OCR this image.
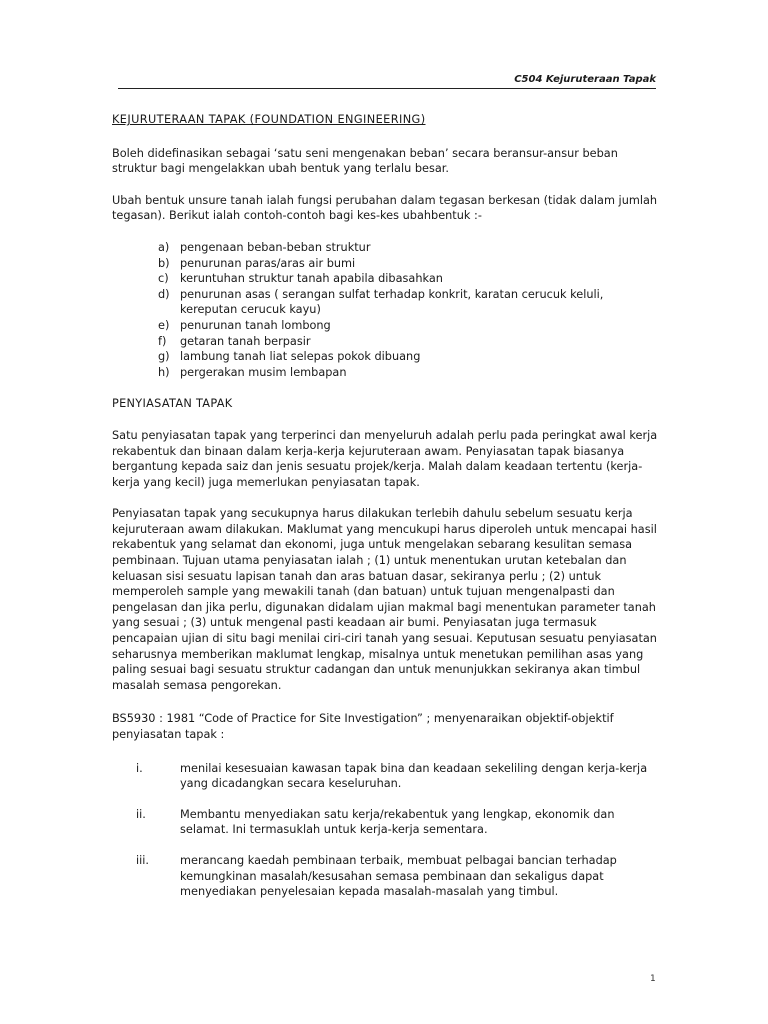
C504 Kejuruteraan Tapak

KEJURUTERAAN TAPAK (FOUNDATION ENGINEERING)

Boleh didefinasikan sebagai ‘satu seni mengenakan beban’ secara beransur-ansur beban struktur bagi mengelakkan ubah bentuk yang terlalu besar.

Ubah bentuk unsure tanah ialah fungsi perubahan dalam tegasan berkesan (tidak dalam jumlah tegasan). Berikut ialah contoh-contoh bagi kes-kes ubahbentuk :-

a) pengenaan beban-beban struktur
b) penurunan paras/aras air bumi
c) keruntuhan struktur tanah apabila dibasahkan
d) penurunan asas ( serangan sulfat terhadap konkrit, karatan cerucuk keluli, kereputan cerucuk kayu)
e) penurunan tanah lombong
f) getaran tanah berpasir
g) lambung tanah liat selepas pokok dibuang
h) pergerakan musim lembapan

PENYIASATAN TAPAK

Satu penyiasatan tapak yang terperinci dan menyeluruh adalah perlu pada peringkat awal kerja rekabentuk dan binaan dalam kerja-kerja kejuruteraan awam. Penyiasatan tapak biasanya bergantung kepada saiz dan jenis sesuatu projek/kerja. Malah dalam keadaan tertentu (kerja-kerja yang kecil) juga memerlukan penyiasatan tapak.

Penyiasatan tapak yang secukupnya harus dilakukan terlebih dahulu sebelum sesuatu kerja kejuruteraan awam dilakukan. Maklumat yang mencukupi harus diperoleh untuk mencapai hasil rekabentuk yang selamat dan ekonomi, juga untuk mengelakan sebarang kesulitan semasa pembinaan. Tujuan utama penyiasatan ialah ; (1) untuk menentukan urutan ketebalan dan keluasan sisi sesuatu lapisan tanah dan aras batuan dasar, sekiranya perlu ; (2) untuk memperoleh sample yang mewakili tanah (dan batuan) untuk tujuan mengenalpasti dan pengelasan dan jika perlu, digunakan didalam ujian makmal bagi menentukan parameter tanah yang sesuai ; (3) untuk mengenal pasti keadaan air bumi. Penyiasatan juga termasuk pencapaian ujian di situ bagi menilai ciri-ciri tanah yang sesuai. Keputusan sesuatu penyiasatan seharusnya memberikan maklumat lengkap, misalnya untuk menetukan pemilihan asas yang paling sesuai bagi sesuatu struktur cadangan dan untuk menunjukkan sekiranya akan timbul masalah semasa pengorekan.

BS5930 : 1981 “Code of Practice for Site Investigation” ; menyenaraikan objektif-objektif penyiasatan tapak :

i.	menilai kesesuaian kawasan tapak bina dan keadaan sekeliling dengan kerja-kerja yang dicadangkan secara keseluruhan.
ii.	Membantu menyediakan satu kerja/rekabentuk yang lengkap, ekonomik dan selamat. Ini termasuklah untuk kerja-kerja sementara.
iii.	merancang kaedah pembinaan terbaik, membuat pelbagai bancian terhadap kemungkinan masalah/kesusahan semasa pembinaan dan sekaligus dapat menyediakan penyelesaian kepada masalah-masalah yang timbul.
1
